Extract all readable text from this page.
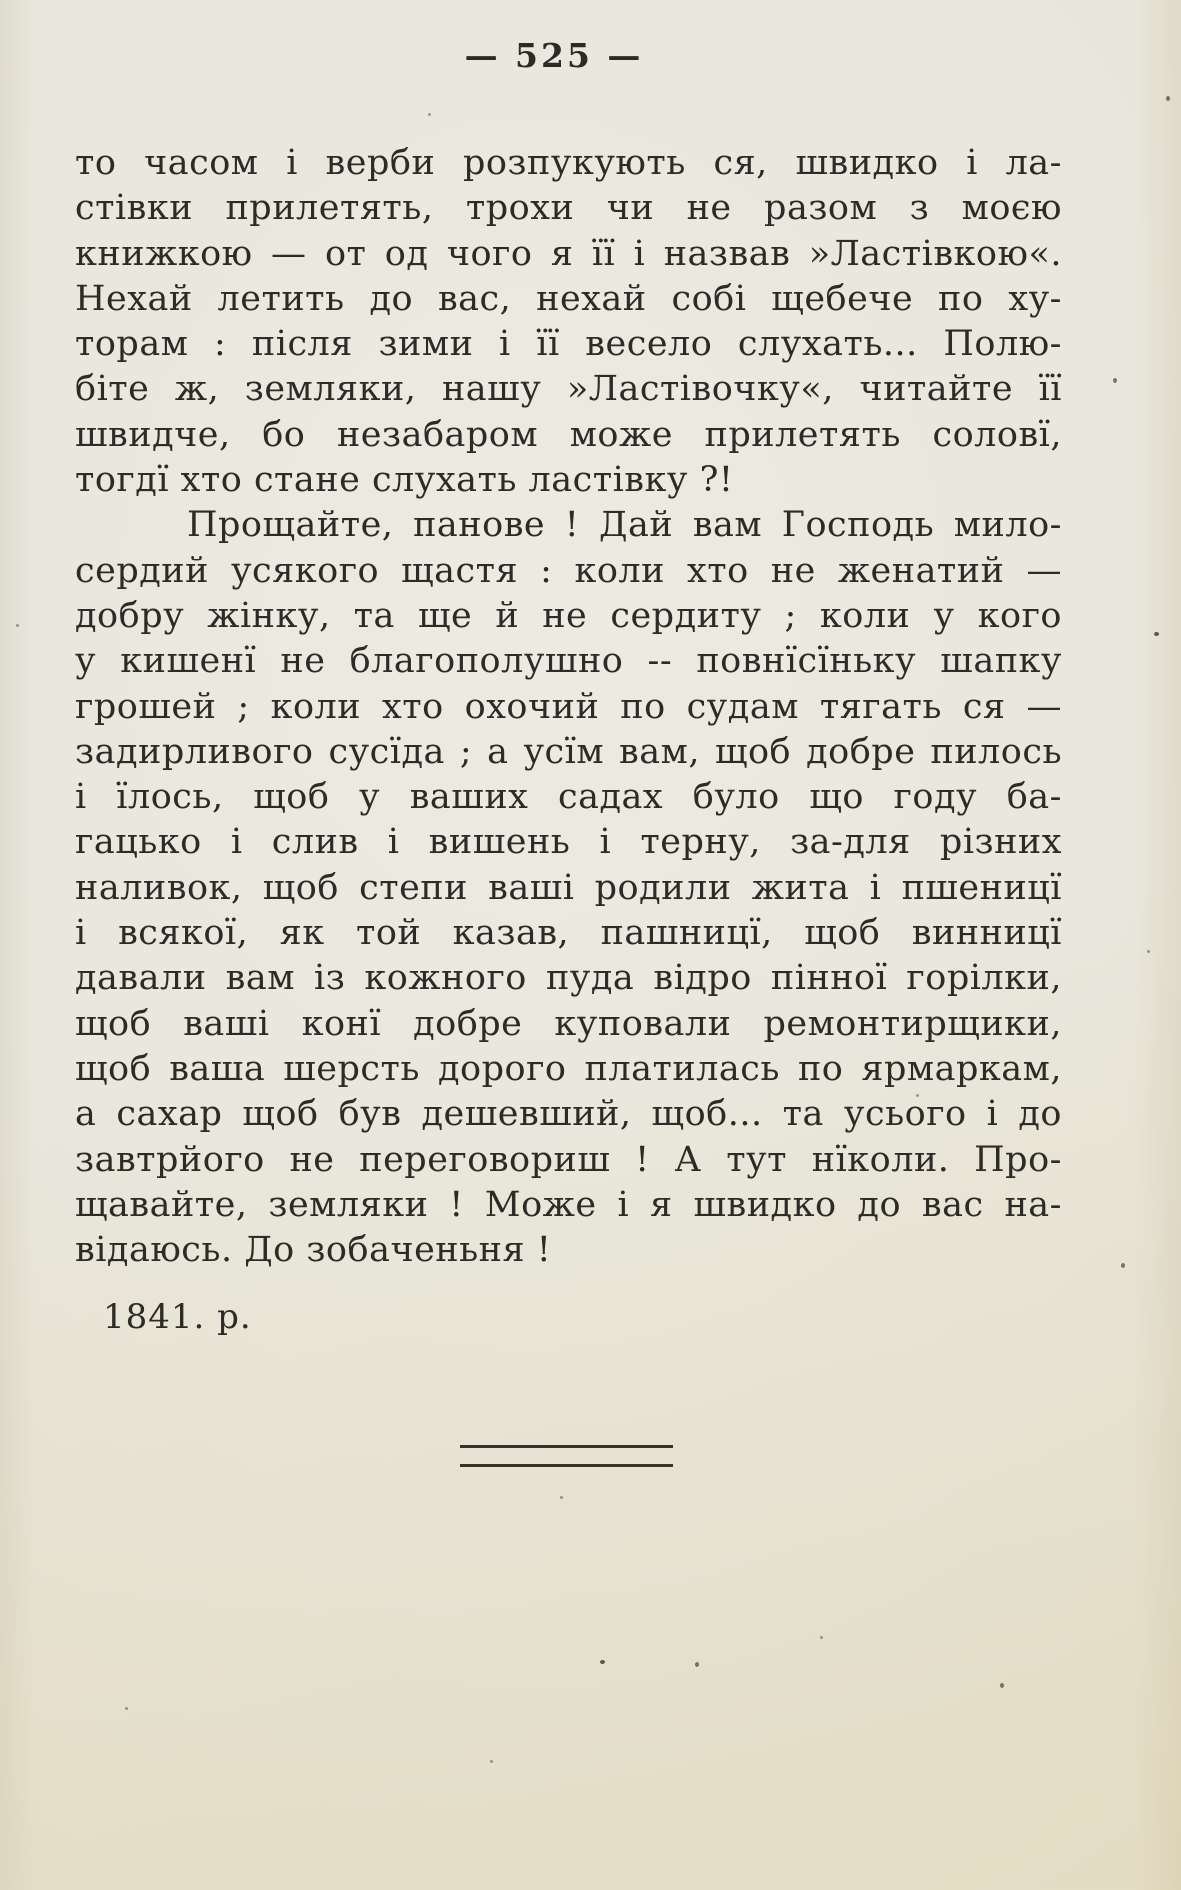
— 525 —

то часом і верби розпукують ся, швидко і ла-

стівки прилетять, трохи чи не разом з моєю

книжкою — от од чого я її і назвав »Ластівкою«.

Нехай летить до вас, нехай собі щебече по ху-

торам : після зими і її весело слухать... Полю-

біте ж, земляки, нашу »Ластівочку«, читайте її

швидче, бо незабаром може прилетять соловї,

тогдї хто стане слухать ластівку ?!

Прощайте, панове ! Дай вам Господь мило-

сердий усякого щастя : коли хто не женатий —

добру жінку, та ще й не сердиту ; коли у кого

у кишенї не благополушно -- повнїсїньку шапку

грошей ; коли хто охочий по судам тягать ся —

задирливого сусїда ; а усїм вам, щоб добре пилось

і їлось, щоб у ваших садах було що году ба-

гацько і слив і вишень і терну, за-для різних

наливок, щоб степи ваші родили жита і пшеницї

і всякої, як той казав, пашницї, щоб винницї

давали вам із кожного пуда відро пінної горілки,

щоб ваші конї добре куповали ремонтирщики,

щоб ваша шерсть дорого платилась по ярмаркам,

а сахар щоб був дешевший, щоб... та усього і до

завтрйого не переговориш ! А тут нїколи. Про-

щавайте, земляки ! Може і я швидко до вас на-

відаюсь. До зобаченьня !

1841. р.
